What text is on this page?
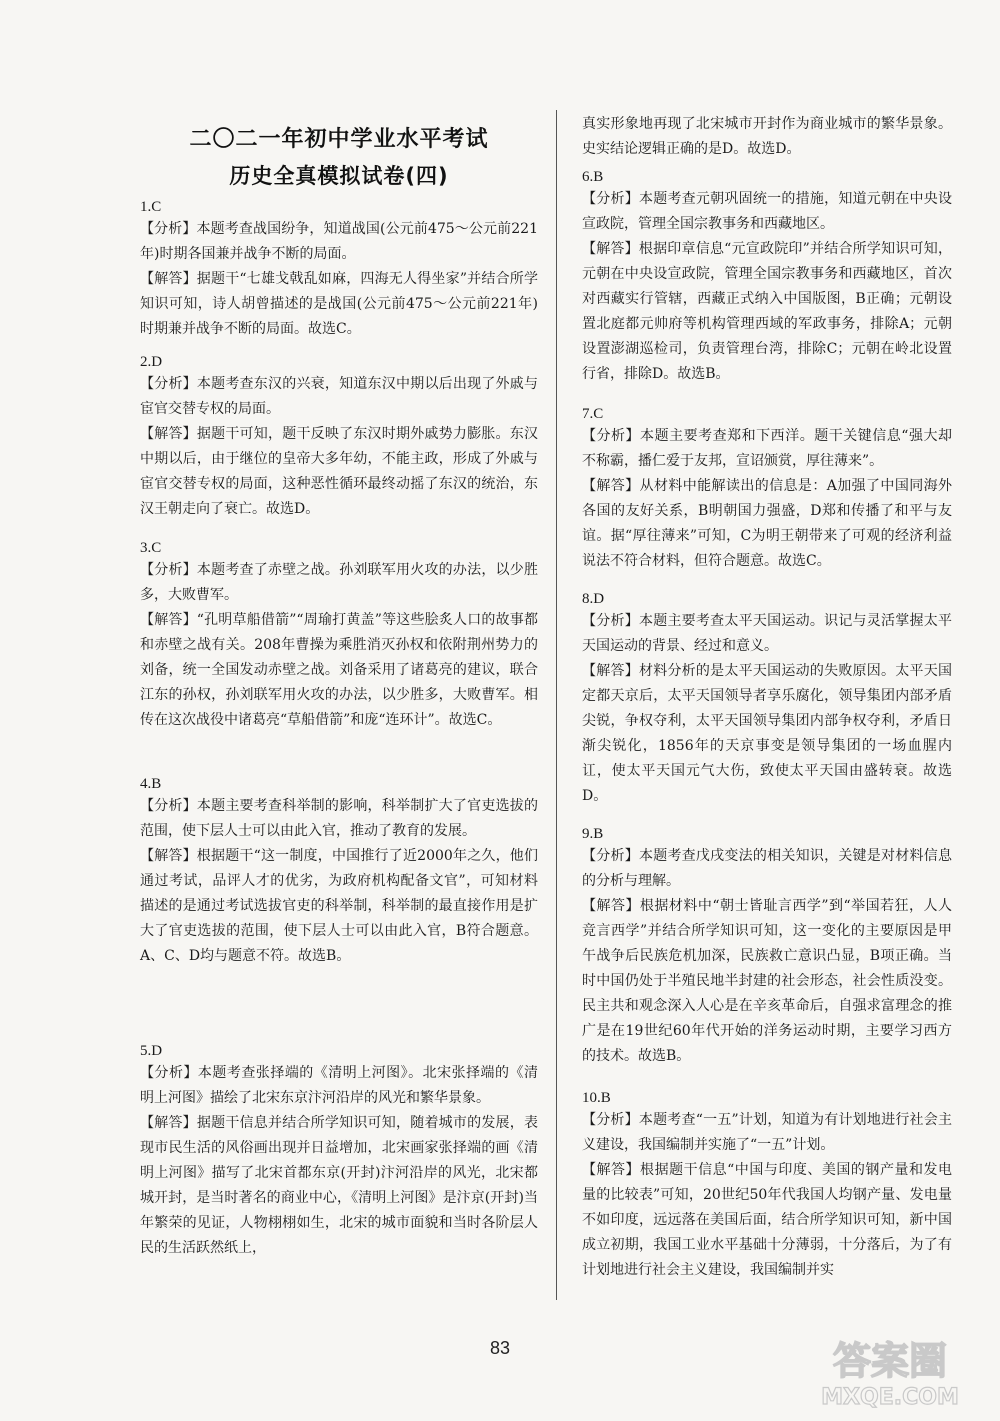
二〇二一年初中学业水平考试
历史全真模拟试卷(四)
1.C
【分析】本题考查战国纷争，知道战国(公元前475～公元前221年)时期各国兼并战争不断的局面。
【解答】据题干“七雄戈戟乱如麻，四海无人得坐家”并结合所学知识可知，诗人胡曾描述的是战国(公元前475～公元前221年)时期兼并战争不断的局面。故选C。
2.D
【分析】本题考查东汉的兴衰，知道东汉中期以后出现了外戚与宦官交替专权的局面。
【解答】据题干可知，题干反映了东汉时期外戚势力膨胀。东汉中期以后，由于继位的皇帝大多年幼，不能主政，形成了外戚与宦官交替专权的局面，这种恶性循环最终动摇了东汉的统治，东汉王朝走向了衰亡。故选D。
3.C
【分析】本题考查了赤壁之战。孙刘联军用火攻的办法，以少胜多，大败曹军。
【解答】“孔明草船借箭”“周瑜打黄盖”等这些脍炙人口的故事都和赤壁之战有关。208年曹操为乘胜消灭孙权和依附荆州势力的刘备，统一全国发动赤壁之战。刘备采用了诸葛亮的建议，联合江东的孙权，孙刘联军用火攻的办法，以少胜多，大败曹军。相传在这次战役中诸葛亮“草船借箭”和庞“连环计”。故选C。
4.B
【分析】本题主要考查科举制的影响，科举制扩大了官吏选拔的范围，使下层人士可以由此入官，推动了教育的发展。
【解答】根据题干“这一制度，中国推行了近2000年之久，他们通过考试，品评人才的优劣，为政府机构配备文官”，可知材料描述的是通过考试选拔官吏的科举制，科举制的最直接作用是扩大了官吏选拔的范围，使下层人士可以由此入官，B符合题意。A、C、D均与题意不符。故选B。
5.D
【分析】本题考查张择端的《清明上河图》。北宋张择端的《清明上河图》描绘了北宋东京汴河沿岸的风光和繁华景象。
【解答】据题干信息并结合所学知识可知，随着城市的发展，表现市民生活的风俗画出现并日益增加，北宋画家张择端的画《清明上河图》描写了北宋首都东京(开封)汴河沿岸的风光，北宋都城开封，是当时著名的商业中心，《清明上河图》是汴京(开封)当年繁荣的见证，人物栩栩如生，北宋的城市面貌和当时各阶层人民的生活跃然纸上，
真实形象地再现了北宋城市开封作为商业城市的繁华景象。史实结论逻辑正确的是D。故选D。
6.B
【分析】本题考查元朝巩固统一的措施，知道元朝在中央设宣政院，管理全国宗教事务和西藏地区。
【解答】根据印章信息“元宣政院印”并结合所学知识可知，元朝在中央设宣政院，管理全国宗教事务和西藏地区，首次对西藏实行管辖，西藏正式纳入中国版图，B正确；元朝设置北庭都元帅府等机构管理西域的军政事务，排除A；元朝设置澎湖巡检司，负责管理台湾，排除C；元朝在岭北设置行省，排除D。故选B。
7.C
【分析】本题主要考查郑和下西洋。题干关键信息“强大却不称霸，播仁爱于友邦，宣诏颁赏，厚往薄来”。
【解答】从材料中能解读出的信息是：A加强了中国同海外各国的友好关系，B明朝国力强盛，D郑和传播了和平与友谊。据“厚往薄来”可知，C为明王朝带来了可观的经济利益说法不符合材料，但符合题意。故选C。
8.D
【分析】本题主要考查太平天国运动。识记与灵活掌握太平天国运动的背景、经过和意义。
【解答】材料分析的是太平天国运动的失败原因。太平天国定都天京后，太平天国领导者享乐腐化，领导集团内部矛盾尖锐，争权夺利，太平天国领导集团内部争权夺利，矛盾日渐尖锐化，1856年的天京事变是领导集团的一场血腥内讧，使太平天国元气大伤，致使太平天国由盛转衰。故选D。
9.B
【分析】本题考查戊戌变法的相关知识，关键是对材料信息的分析与理解。
【解答】根据材料中“朝士皆耻言西学”到“举国若狂，人人竞言西学”并结合所学知识可知，这一变化的主要原因是甲午战争后民族危机加深，民族救亡意识凸显，B项正确。当时中国仍处于半殖民地半封建的社会形态，社会性质没变。民主共和观念深入人心是在辛亥革命后，自强求富理念的推广是在19世纪60年代开始的洋务运动时期，主要学习西方的技术。故选B。
10.B
【分析】本题考查“一五”计划，知道为有计划地进行社会主义建设，我国编制并实施了“一五”计划。
【解答】根据题干信息“中国与印度、美国的钢产量和发电量的比较表”可知，20世纪50年代我国人均钢产量、发电量不如印度，远远落在美国后面，结合所学知识可知，新中国成立初期，我国工业水平基础十分薄弱，十分落后，为了有计划地进行社会主义建设，我国编制并实
83	答案圈
MXQE.COM
